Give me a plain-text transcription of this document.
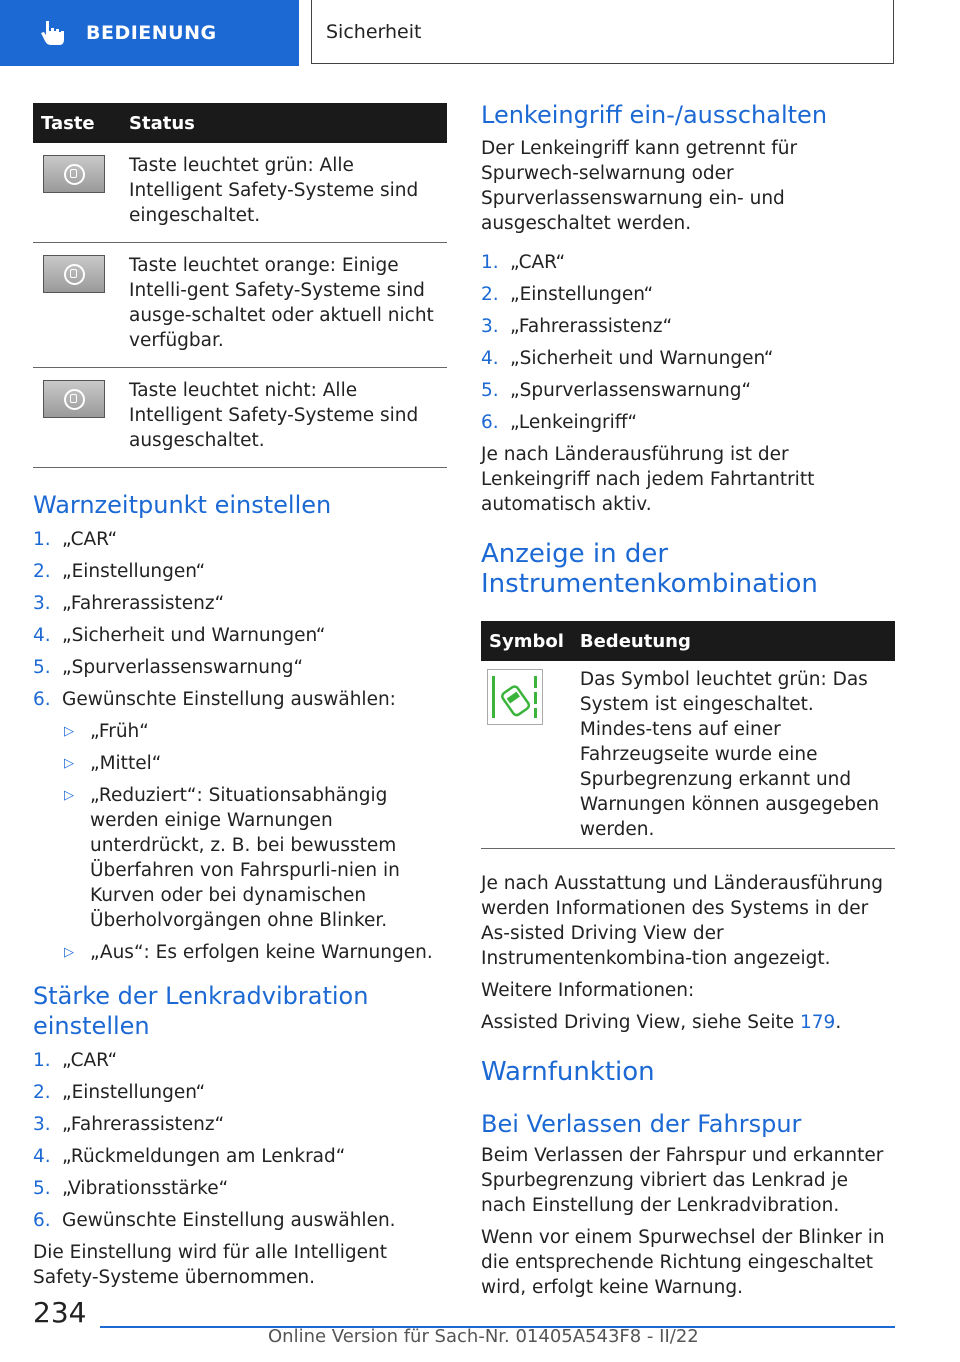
BEDIENUNG	Sicherheit
Taste	Status

	Taste leuchtet grün: Alle Intelligent Safety-Systeme sind eingeschaltet.

	Taste leuchtet orange: Einige Intelli-gent Safety-Systeme sind ausge-schaltet oder aktuell nicht verfügbar.

	Taste leuchtet nicht: Alle Intelligent Safety-Systeme sind ausgeschaltet.
Warnzeitpunkt einstellen
1. „CAR“
2. „Einstellungen“
3. „Fahrerassistenz“
4. „Sicherheit und Warnungen“
5. „Spurverlassenswarnung“
6. Gewünschte Einstellung auswählen:
▷ „Früh“
▷ „Mittel“
▷ „Reduziert“: Situationsabhängig werden einige Warnungen unterdrückt, z. B. bei bewusstem Überfahren von Fahrspurli-nien in Kurven oder bei dynamischen Überholvorgängen ohne Blinker.
▷ „Aus“: Es erfolgen keine Warnungen.
Stärke der Lenkradvibration einstellen
1. „CAR“
2. „Einstellungen“
3. „Fahrerassistenz“
4. „Rückmeldungen am Lenkrad“
5. „Vibrationsstärke“
6. Gewünschte Einstellung auswählen.

Die Einstellung wird für alle Intelligent Safety-Systeme übernommen.

Lenkeingriff ein-/ausschalten

Der Lenkeingriff kann getrennt für Spurwech-selwarnung oder Spurverlassenswarnung ein- und ausgeschaltet werden.

1. „CAR“
2. „Einstellungen“
3. „Fahrerassistenz“
4. „Sicherheit und Warnungen“
5. „Spurverlassenswarnung“
6. „Lenkeingriff“

Je nach Länderausführung ist der Lenkeingriff nach jedem Fahrtantritt automatisch aktiv.

Anzeige in der
Instrumentenkombination
Symbol	Bedeutung
	Das Symbol leuchtet grün: Das System ist eingeschaltet. Mindes-tens auf einer Fahrzeugseite wurde eine Spurbegrenzung erkannt und Warnungen können ausgegeben werden.

Je nach Ausstattung und Länderausführung werden Informationen des Systems in der As-sisted Driving View der Instrumentenkombina-tion angezeigt.

Weitere Informationen:

Assisted Driving View, siehe Seite 179.

Warnfunktion
Bei Verlassen der Fahrspur

Beim Verlassen der Fahrspur und erkannter Spurbegrenzung vibriert das Lenkrad je nach Einstellung der Lenkradvibration.

Wenn vor einem Spurwechsel der Blinker in die entsprechende Richtung eingeschaltet wird, erfolgt keine Warnung.

234
Online Version für Sach-Nr. 01405A543F8 - II/22
